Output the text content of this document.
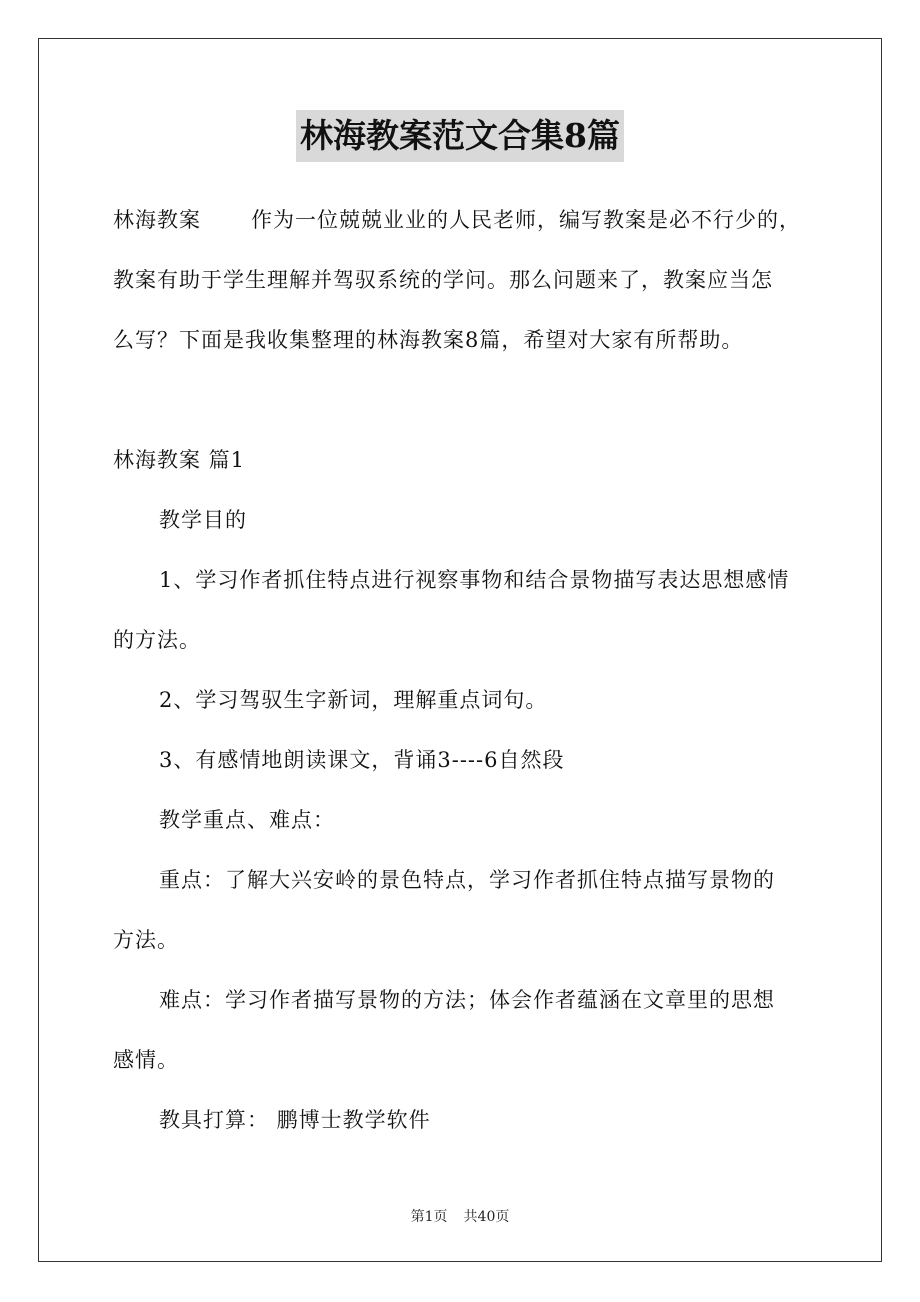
林海教案范文合集8篇

林海教案 作为一位兢兢业业的人民老师，编写教案是必不行少的，

教案有助于学生理解并驾驭系统的学问。那么问题来了，教案应当怎

么写？下面是我收集整理的林海教案8篇，希望对大家有所帮助。

林海教案 篇1

教学目的

1、学习作者抓住特点进行视察事物和结合景物描写表达思想感情

的方法。

2、学习驾驭生字新词，理解重点词句。

3、有感情地朗读课文，背诵3----6自然段

教学重点、难点：

重点：了解大兴安岭的景色特点，学习作者抓住特点描写景物的

方法。

难点：学习作者描写景物的方法；体会作者蕴涵在文章里的思想

感情。

教具打算： 鹏博士教学软件

第1页 共40页
